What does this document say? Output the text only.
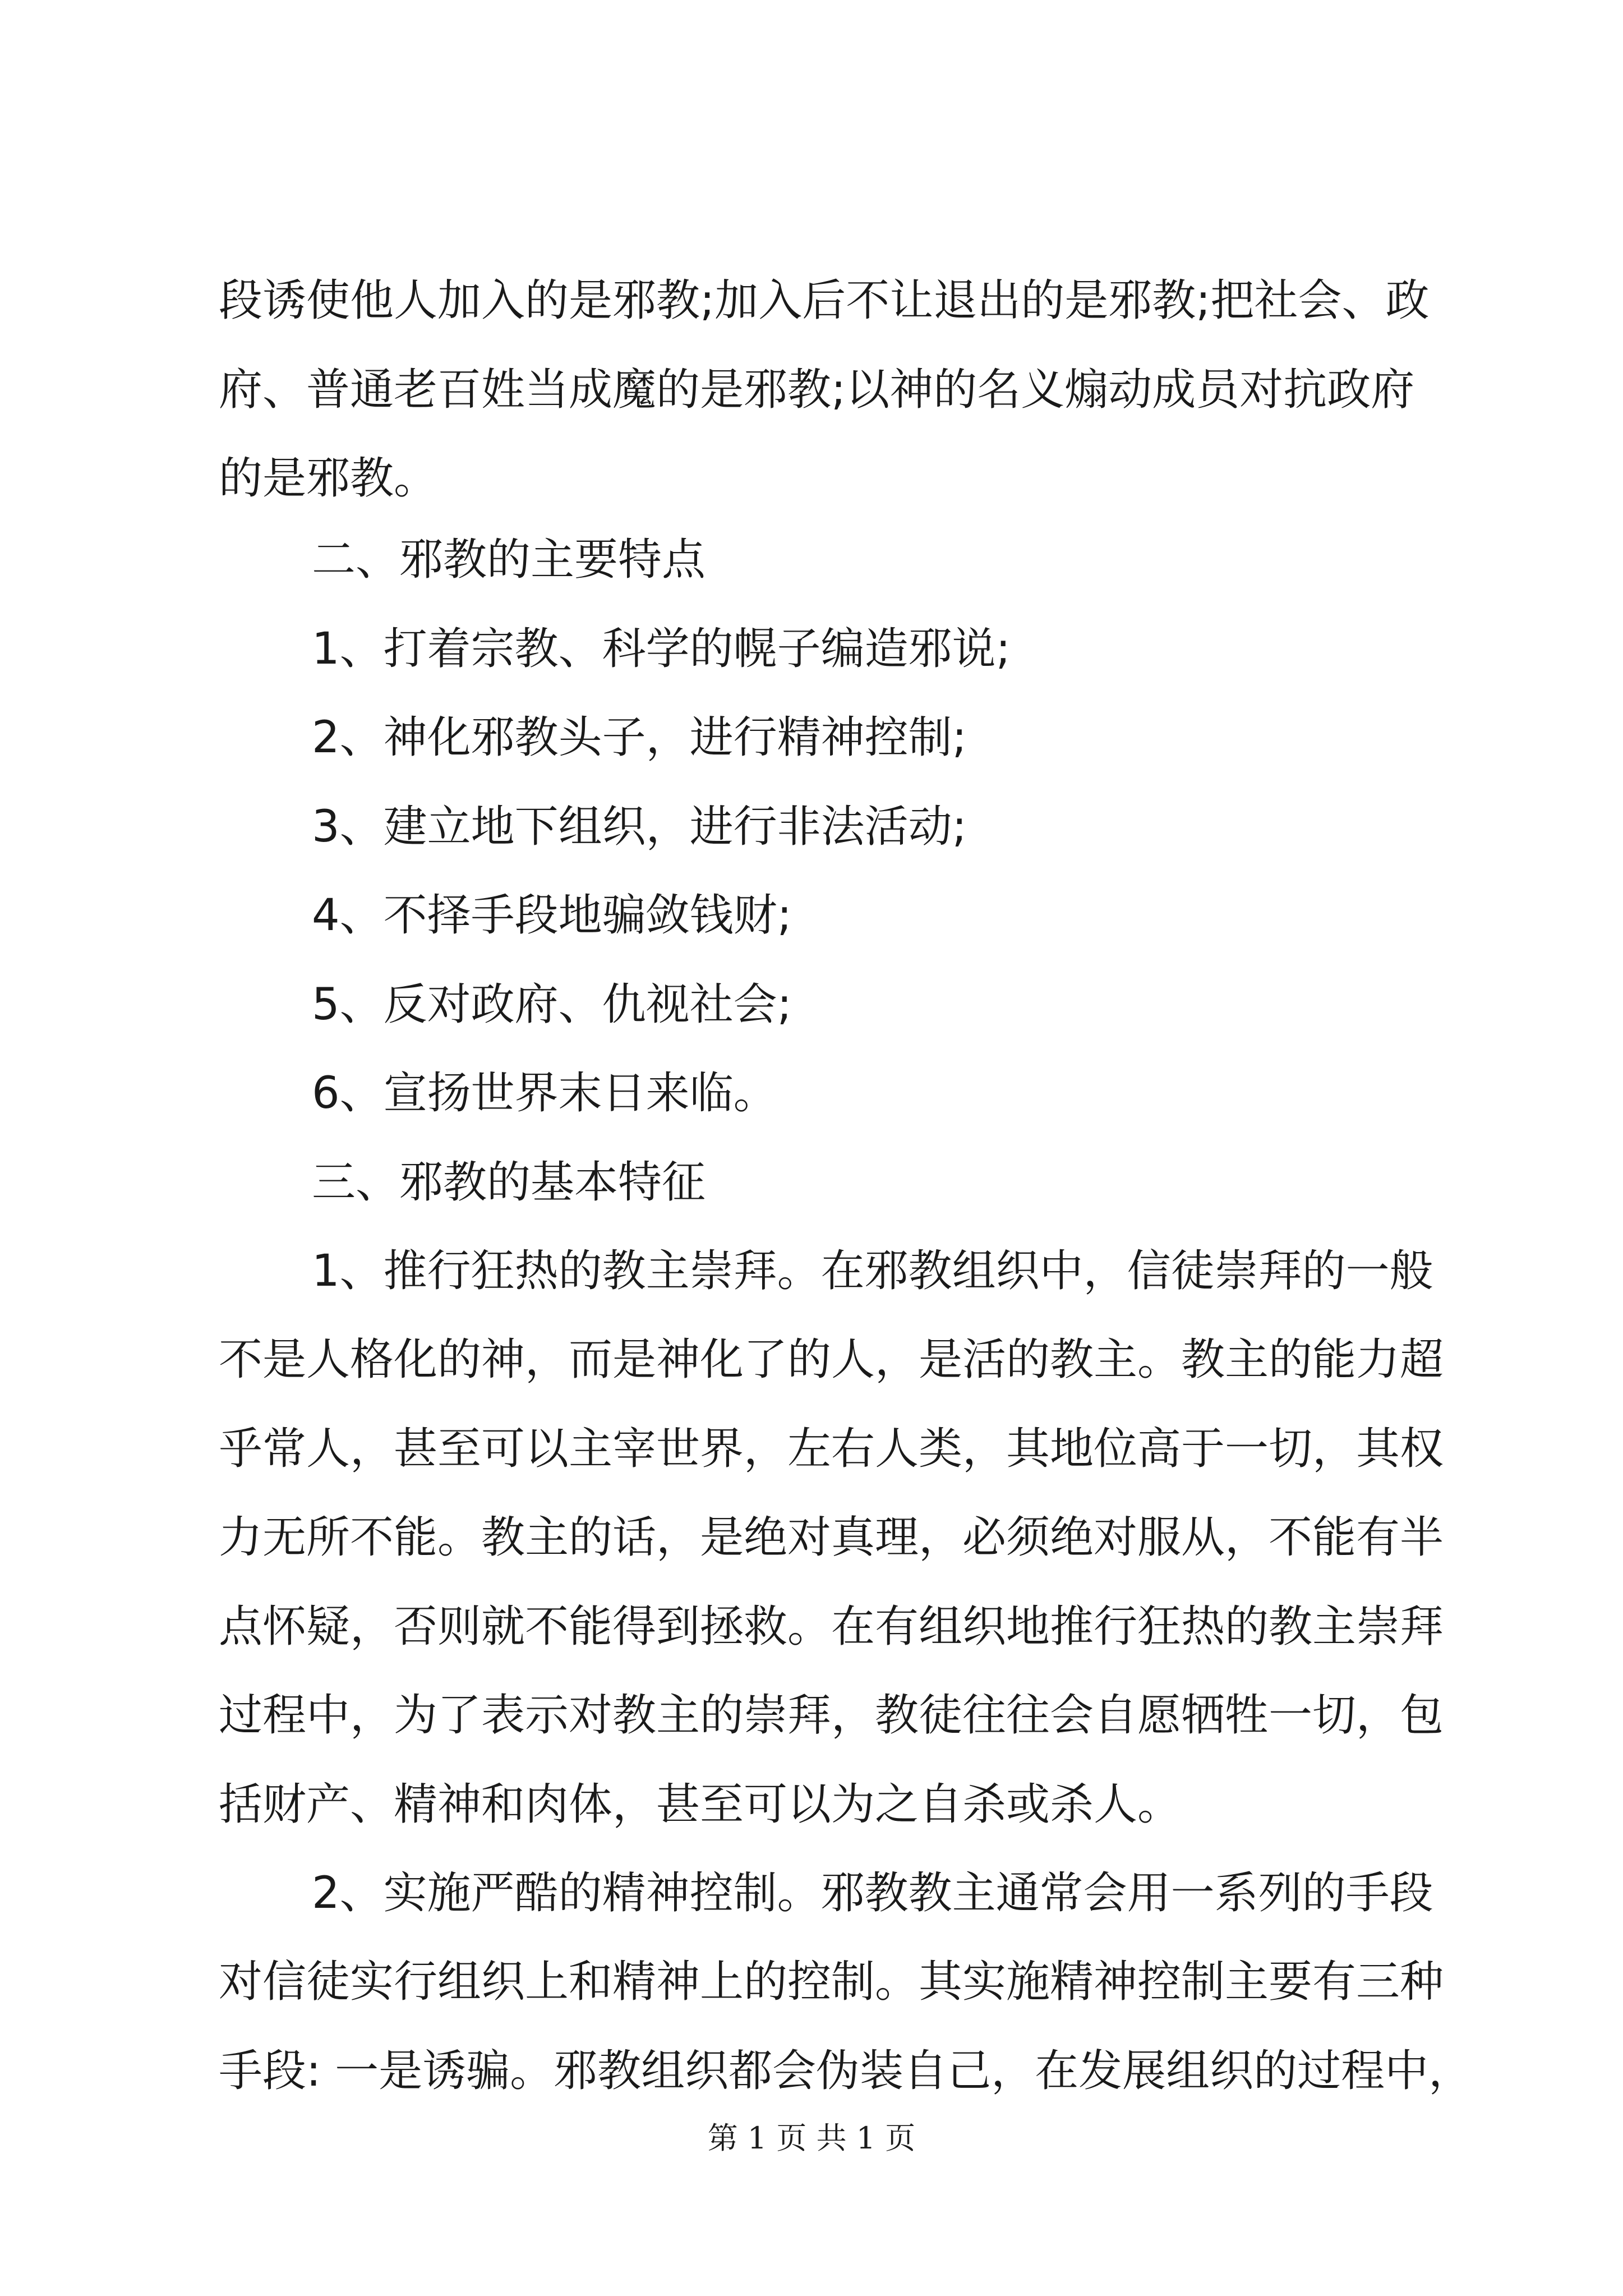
段诱使他人加入的是邪教;加入后不让退出的是邪教;把社会、政
府、普通老百姓当成魔的是邪教;以神的名义煽动成员对抗政府
的是邪教。
二、邪教的主要特点
1、打着宗教、科学的幌子编造邪说;
2、神化邪教头子，进行精神控制;
3、建立地下组织，进行非法活动;
4、不择手段地骗敛钱财;
5、反对政府、仇视社会;
6、宣扬世界末日来临。
三、邪教的基本特征
1、推行狂热的教主崇拜。在邪教组织中，信徒崇拜的一般
不是人格化的神，而是神化了的人，是活的教主。教主的能力超
乎常人，甚至可以主宰世界，左右人类，其地位高于一切，其权
力无所不能。教主的话，是绝对真理，必须绝对服从，不能有半
点怀疑，否则就不能得到拯救。在有组织地推行狂热的教主崇拜
过程中，为了表示对教主的崇拜，教徒往往会自愿牺牲一切，包
括财产、精神和肉体，甚至可以为之自杀或杀人。
2、实施严酷的精神控制。邪教教主通常会用一系列的手段
对信徒实行组织上和精神上的控制。其实施精神控制主要有三种
手段: 一是诱骗。邪教组织都会伪装自己，在发展组织的过程中，
第 1 页 共 1 页
